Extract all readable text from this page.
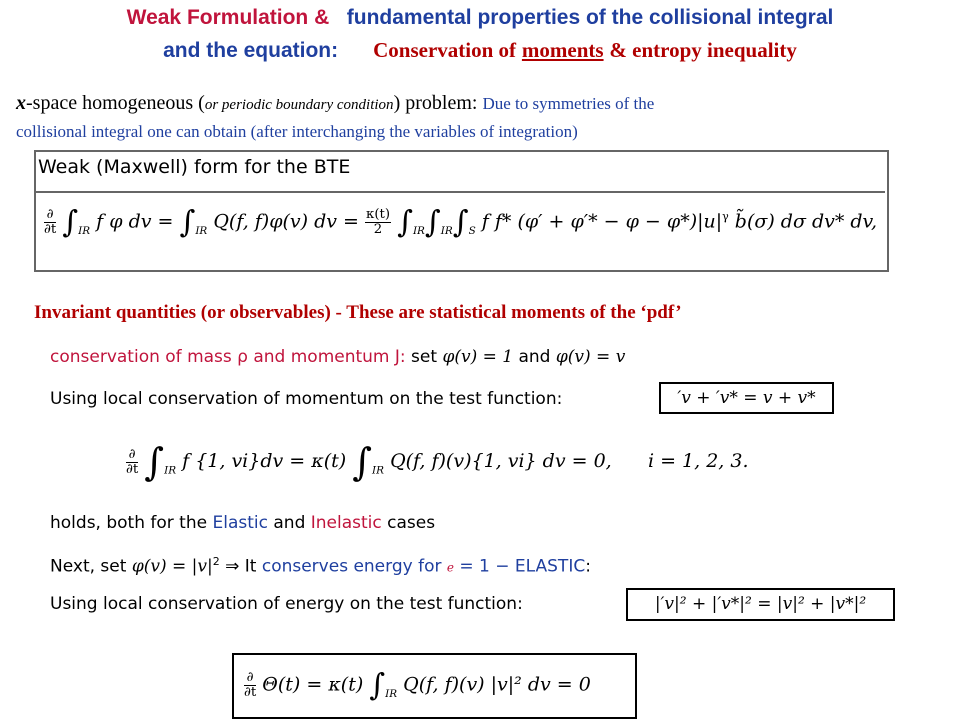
Weak Formulation & fundamental properties of the collisional integral
and the equation: Conservation of moments & entropy inequality
x-space homogeneous (or periodic boundary condition) problem: Due to symmetries of the
collisional integral one can obtain (after interchanging the variables of integration)
Weak (Maxwell) form for the BTE
$\frac{\partial}{\partial t} \int_{IR}$ f φ dv = $\int_{IR}$ Q(f, f)φ(v) dv = $\frac{\kappa(t)}{2} \int_{IR}\int_{IR}\int_S$ f f* $(\varphi' + \varphi'* - \varphi - \varphi*)|u|^\gamma$ b̃(σ) dσ dv* dv,
Invariant quantities (or observables) - These are statistical moments of the ‘pdf’
conservation of mass ρ and momentum J: set φ(v) = 1 and φ(v) = v
Using local conservation of momentum on the test function:	′v + ′v* = v + v*
$\frac{\partial}{\partial t} \int_{IR}$ f {1, vi}dv = κ(t) $\int_{IR}$ Q(f, f)(v){1, vi} dv = 0, i = 1, 2, 3.
holds, both for the Elastic and Inelastic cases
Next, set $\varphi(v) = |v|^2$ ⇒ It conserves energy for e = 1 − ELASTIC:
Using local conservation of energy on the test function:	|′v|² + |′v*|² = |v|² + |v*|²
$\frac{\partial}{\partial t} \Theta(t) = \kappa(t)$ $\int_{IR}$ Q(f, f)(v) |v|² dv = 0
